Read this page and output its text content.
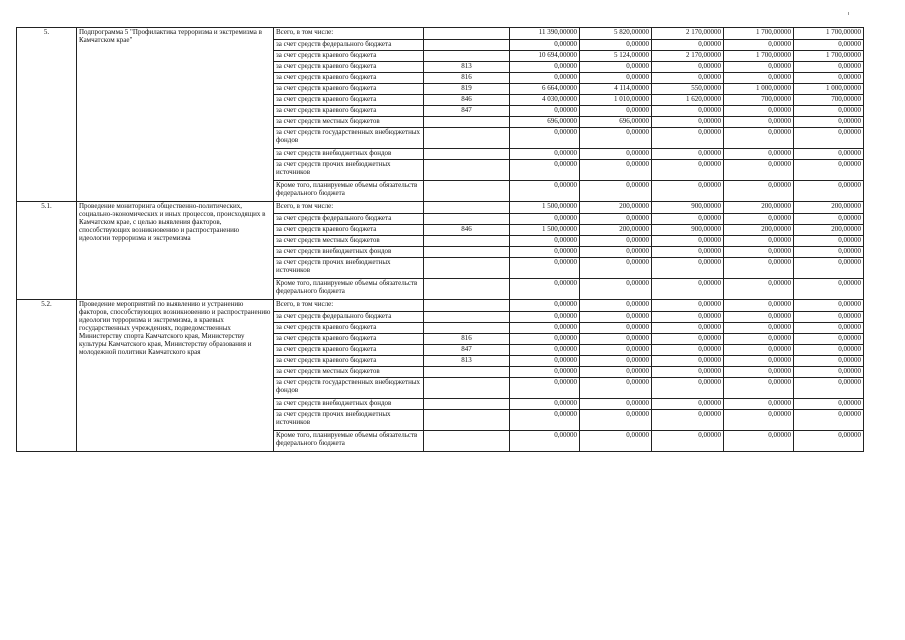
5.	Подпрограмма 5 "Профилактика терроризма и экстремизма в Камчатском крае"	Всего, в том числе:		11 390,00000	5 820,00000	2 170,00000	1 700,00000	1 700,00000
		за счет средств федерального бюджета		0,00000	0,00000	0,00000	0,00000	0,00000
		за счет средств краевого бюджета		10 694,00000	5 124,00000	2 170,00000	1 700,00000	1 700,00000
		за счет средств краевого бюджета	813	0,00000	0,00000	0,00000	0,00000	0,00000
		за счет средств краевого бюджета	816	0,00000	0,00000	0,00000	0,00000	0,00000
		за счет средств краевого бюджета	819	6 664,00000	4 114,00000	550,00000	1 000,00000	1 000,00000
		за счет средств краевого бюджета	846	4 030,00000	1 010,00000	1 620,00000	700,00000	700,00000
		за счет средств краевого бюджета	847	0,00000	0,00000	0,00000	0,00000	0,00000
		за счет средств местных бюджетов		696,00000	696,00000	0,00000	0,00000	0,00000
		за счет средств государственных внебюджетных фондов		0,00000	0,00000	0,00000	0,00000	0,00000
		за счет средств внебюджетных фондов		0,00000	0,00000	0,00000	0,00000	0,00000
		за счет средств прочих внебюджетных источников		0,00000	0,00000	0,00000	0,00000	0,00000
		Кроме того, планируемые объемы обязательств федерального бюджета		0,00000	0,00000	0,00000	0,00000	0,00000
5.1.	Проведение мониторинга общественно-политических, социально-экономических и иных процессов, происходящих в Камчатском крае, с целью выявления факторов, способствующих возникновению и распространению идеологии терроризма и экстремизма	Всего, в том числе:		1 500,00000	200,00000	900,00000	200,00000	200,00000
		за счет средств федерального бюджета		0,00000	0,00000	0,00000	0,00000	0,00000
		за счет средств краевого бюджета	846	1 500,00000	200,00000	900,00000	200,00000	200,00000
		за счет средств местных бюджетов		0,00000	0,00000	0,00000	0,00000	0,00000
		за счет средств внебюджетных фондов		0,00000	0,00000	0,00000	0,00000	0,00000
		за счет средств прочих внебюджетных источников		0,00000	0,00000	0,00000	0,00000	0,00000
		Кроме того, планируемые объемы обязательств федерального бюджета		0,00000	0,00000	0,00000	0,00000	0,00000
5.2.	Проведение мероприятий по выявлению и устранению факторов, способствующих возникновению и распространению идеологии терроризма и экстремизма, в краевых государственных учреждениях, подведомственных Министерству спорта Камчатского края, Министерству культуры Камчатского края, Министерству образования и молодежной политики Камчатского края	Всего, в том числе:		0,00000	0,00000	0,00000	0,00000	0,00000
		за счет средств федерального бюджета		0,00000	0,00000	0,00000	0,00000	0,00000
		за счет средств краевого бюджета		0,00000	0,00000	0,00000	0,00000	0,00000
		за счет средств краевого бюджета	816	0,00000	0,00000	0,00000	0,00000	0,00000
		за счет средств краевого бюджета	847	0,00000	0,00000	0,00000	0,00000	0,00000
		за счет средств краевого бюджета	813	0,00000	0,00000	0,00000	0,00000	0,00000
		за счет средств местных бюджетов		0,00000	0,00000	0,00000	0,00000	0,00000
		за счет средств государственных внебюджетных фондов		0,00000	0,00000	0,00000	0,00000	0,00000
		за счет средств внебюджетных фондов		0,00000	0,00000	0,00000	0,00000	0,00000
		за счет средств прочих внебюджетных источников		0,00000	0,00000	0,00000	0,00000	0,00000
		Кроме того, планируемые объемы обязательств федерального бюджета		0,00000	0,00000	0,00000	0,00000	0,00000
